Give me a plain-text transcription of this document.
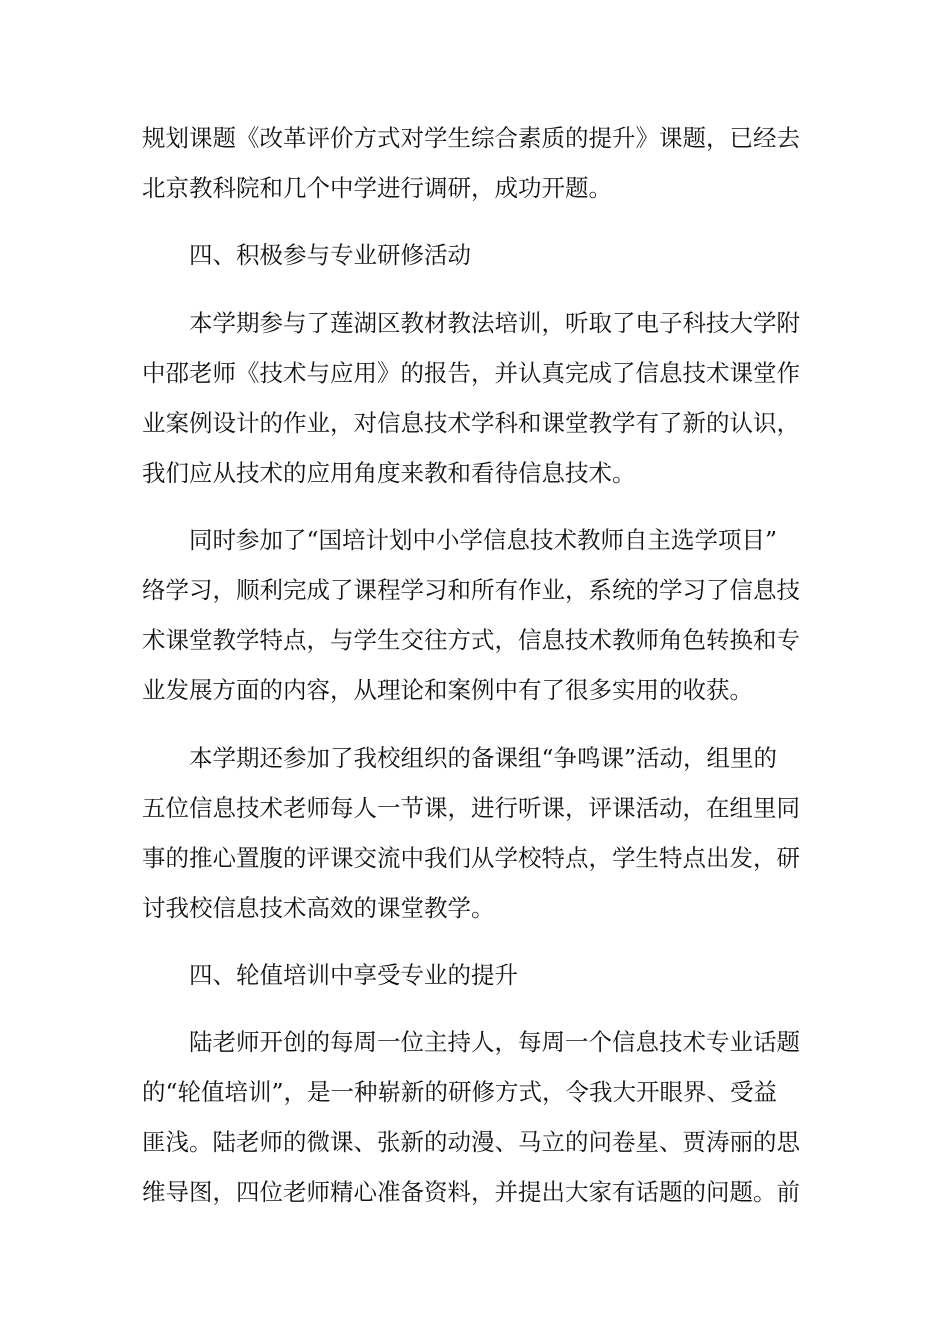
规划课题《改革评价方式对学生综合素质的提升》课题，已经去

北京教科院和几个中学进行调研，成功开题。

四、积极参与专业研修活动

本学期参与了莲湖区教材教法培训，听取了电子科技大学附

中邵老师《技术与应用》的报告，并认真完成了信息技术课堂作

业案例设计的作业，对信息技术学科和课堂教学有了新的认识，

我们应从技术的应用角度来教和看待信息技术。

同时参加了“国培计划中小学信息技术教师自主选学项目”

络学习，顺利完成了课程学习和所有作业，系统的学习了信息技

术课堂教学特点，与学生交往方式，信息技术教师角色转换和专

业发展方面的内容，从理论和案例中有了很多实用的收获。

本学期还参加了我校组织的备课组“争鸣课”活动，组里的

五位信息技术老师每人一节课，进行听课，评课活动，在组里同

事的推心置腹的评课交流中我们从学校特点，学生特点出发，研

讨我校信息技术高效的课堂教学。

四、轮值培训中享受专业的提升

陆老师开创的每周一位主持人，每周一个信息技术专业话题

的“轮值培训”，是一种崭新的研修方式，令我大开眼界、受益

匪浅。陆老师的微课、张新的动漫、马立的问卷星、贾涛丽的思

维导图，四位老师精心准备资料，并提出大家有话题的问题。前
